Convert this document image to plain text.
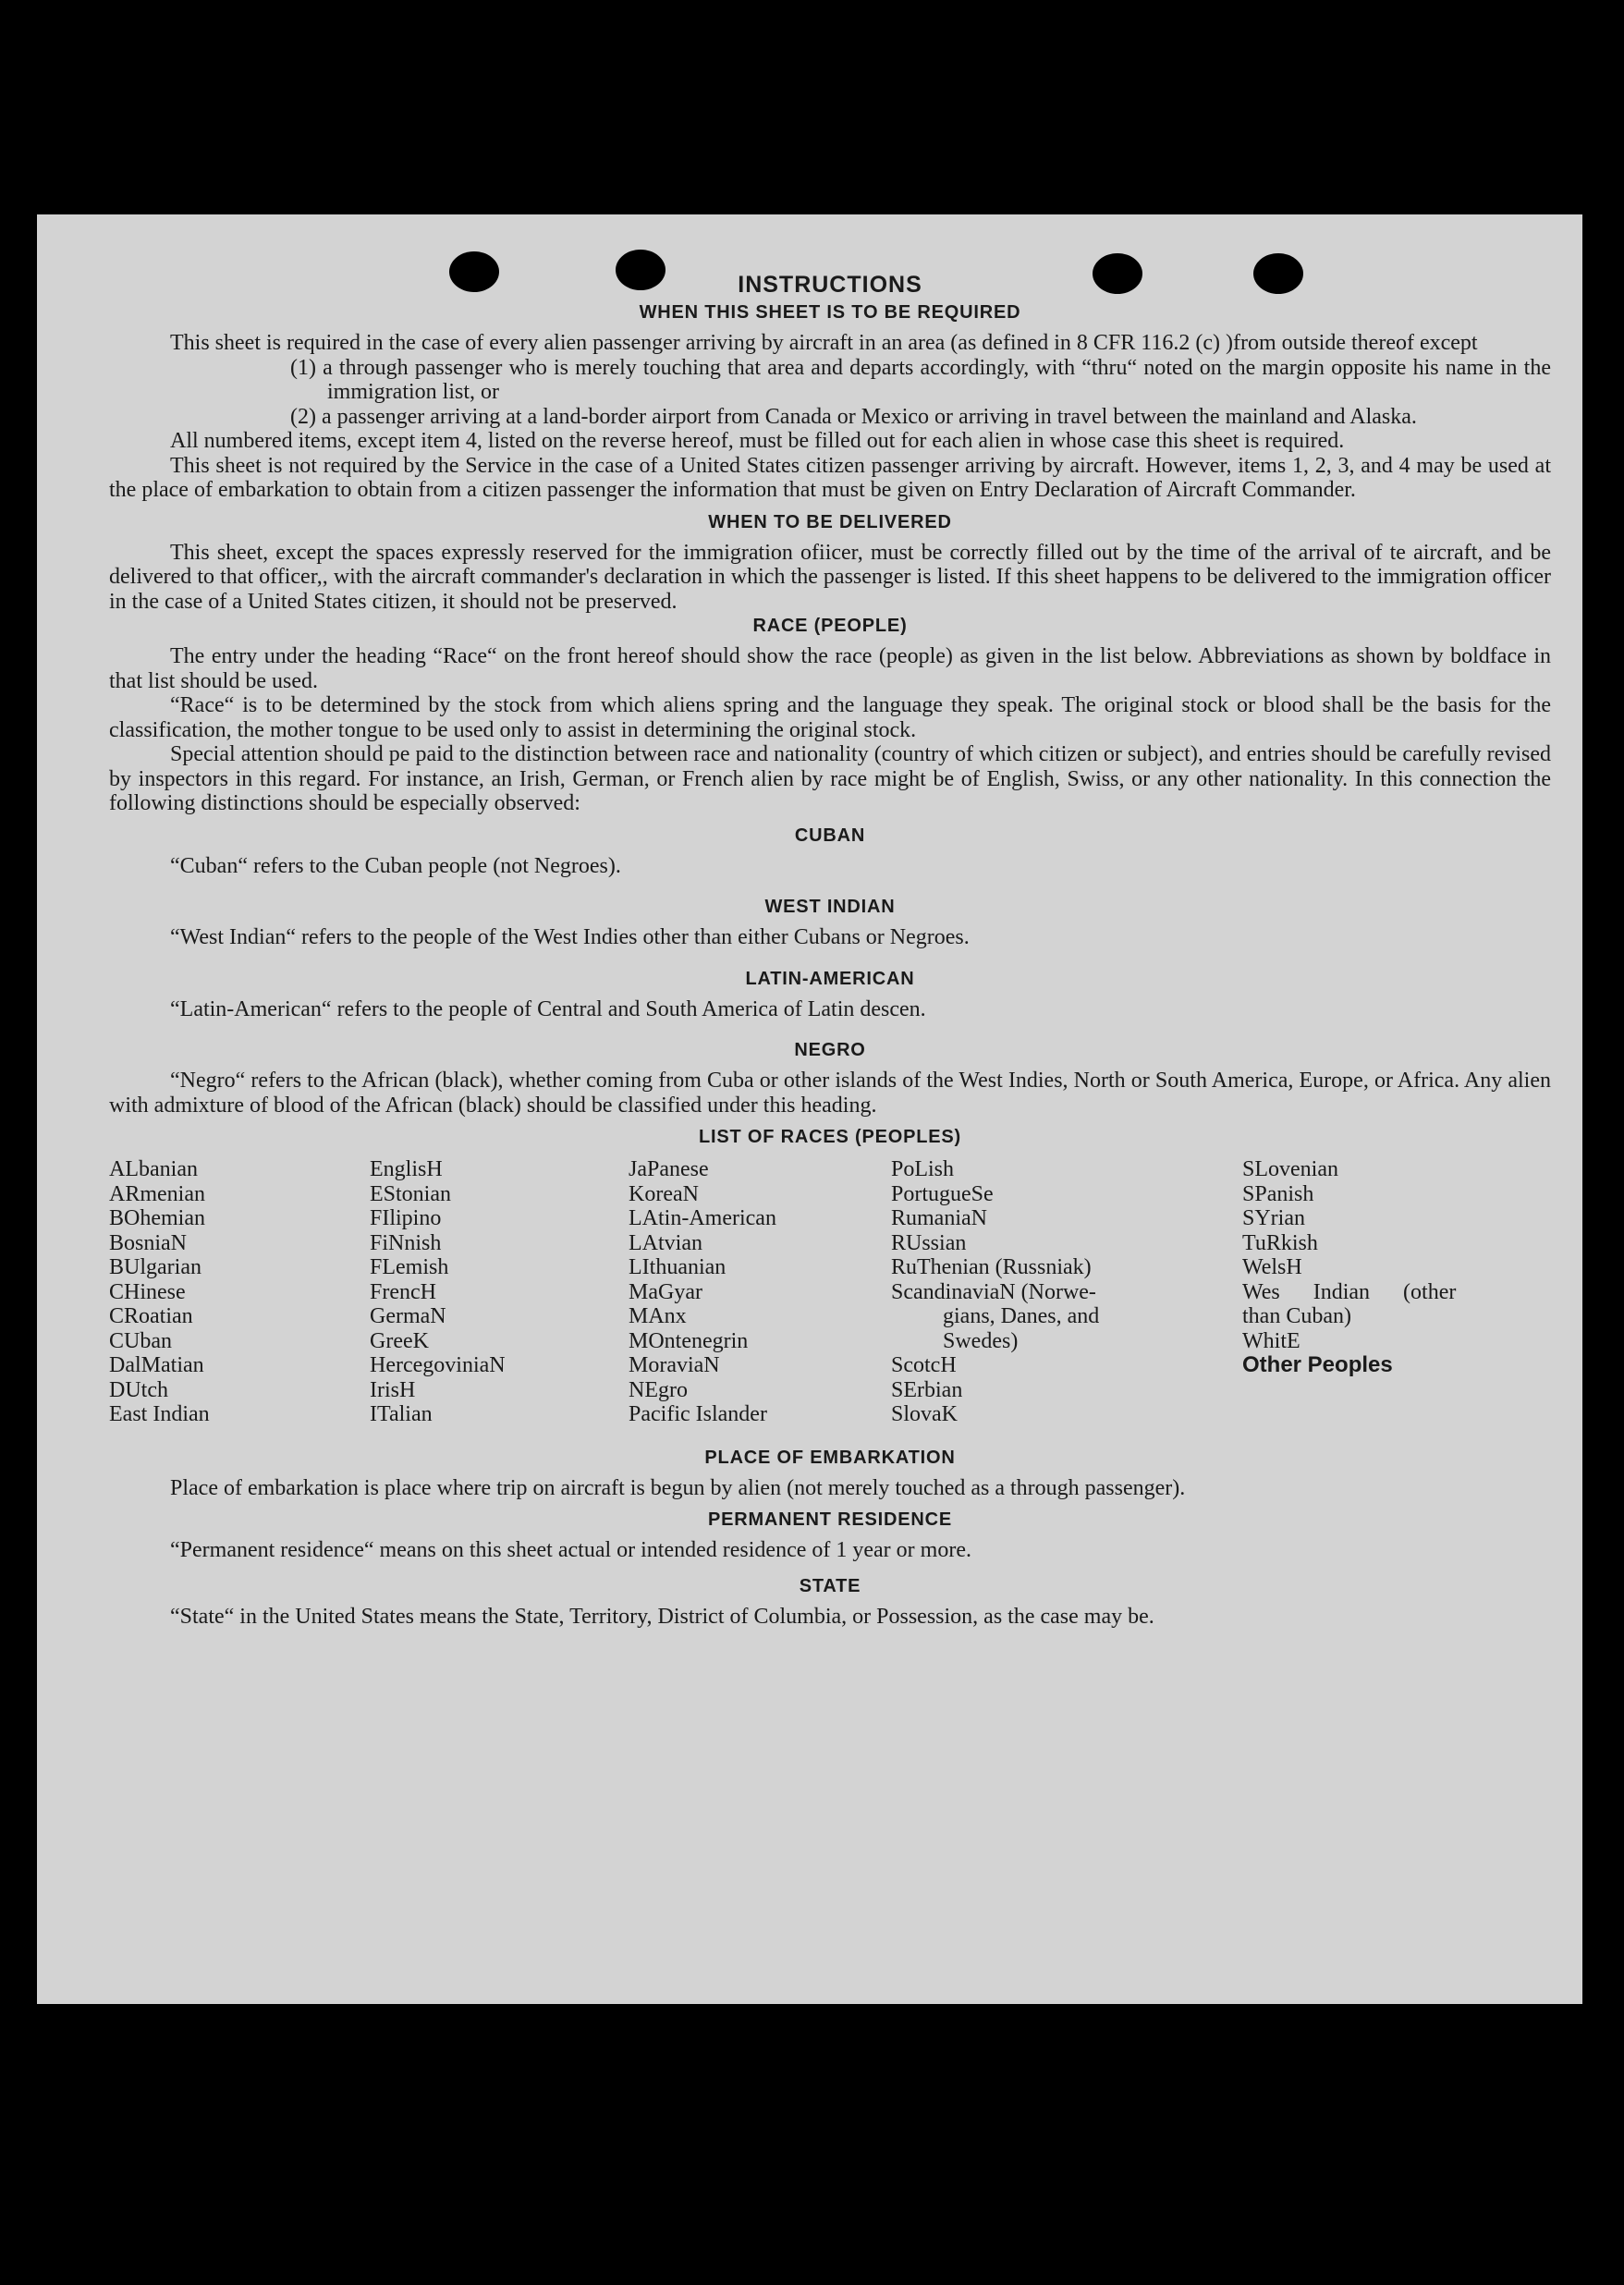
INSTRUCTIONS
WHEN THIS SHEET IS TO BE REQUIRED

This sheet is required in the case of every alien passenger arriving by aircraft in an area (as defined in 8 CFR 116.2 (c) )from outside thereof except

(1) a through passenger who is merely touching that area and departs accordingly, with “thru“ noted on the margin opposite his name in the immigration list, or

(2) a passenger arriving at a land-border airport from Canada or Mexico or arriving in travel between the mainland and Alaska.

All numbered items, except item 4, listed on the reverse hereof, must be filled out for each alien in whose case this sheet is required.

This sheet is not required by the Service in the case of a United States citizen passenger arriving by aircraft. However, items 1, 2, 3, and 4 may be used at the place of embarkation to obtain from a citizen passenger the information that must be given on Entry Declaration of Aircraft Commander.

WHEN TO BE DELIVERED

This sheet, except the spaces expressly reserved for the immigration ofiicer, must be correctly filled out by the time of the arrival of te aircraft, and be delivered to that officer,, with the aircraft commander's declaration in which the passenger is listed. If this sheet happens to be delivered to the immigration officer in the case of a United States citizen, it should not be preserved.

RACE (PEOPLE)

The entry under the heading “Race“ on the front hereof should show the race (people) as given in the list below. Abbreviations as shown by boldface in that list should be used.

“Race“ is to be determined by the stock from which aliens spring and the language they speak. The original stock or blood shall be the basis for the classification, the mother tongue to be used only to assist in determining the original stock.

Special attention should pe paid to the distinction between race and nationality (country of which citizen or subject), and entries should be carefully revised by inspectors in this regard. For instance, an Irish, German, or French alien by race might be of English, Swiss, or any other nationality. In this connection the following distinctions should be especially observed:

CUBAN

“Cuban“ refers to the Cuban people (not Negroes).

WEST INDIAN

“West Indian“ refers to the people of the West Indies other than either Cubans or Negroes.

LATIN-AMERICAN

“Latin-American“ refers to the people of Central and South America of Latin descen.

NEGRO

“Negro“ refers to the African (black), whether coming from Cuba or other islands of the West Indies, North or South America, Europe, or Africa. Any alien with admixture of blood of the African (black) should be classified under this heading.

LIST OF RACES (PEOPLES)
ALbanian
ARmenian
BOhemian
BosniaN
BUlgarian
CHinese
CRoatian
CUban
DalMatian
DUtch
East Indian
EnglisH
EStonian
FIlipino
FiNnish
FLemish
FrencH
GermaN
GreeK
HercegoviniaN
IrisH
ITalian
JaPanese
KoreaN
LAtin-American
LAtvian
LIthuanian
MaGyar
MAnx
MOntenegrin
MoraviaN
NEgro
Pacific Islander
PoLish
PortugueSe
RumaniaN
RUssian
RuThenian (Russniak)
ScandinaviaN (Norwe-
gians, Danes, and
Swedes)
ScotcH
SErbian
SlovaK
SLovenian
SPanish
SYrian
TuRkish
WelsH
Wes Indian (other
than Cuban)
WhitE
Other Peoples
PLACE OF EMBARKATION

Place of embarkation is place where trip on aircraft is begun by alien (not merely touched as a through passenger).

PERMANENT RESIDENCE

“Permanent residence“ means on this sheet actual or intended residence of 1 year or more.

STATE

“State“ in the United States means the State, Territory, District of Columbia, or Possession, as the case may be.
